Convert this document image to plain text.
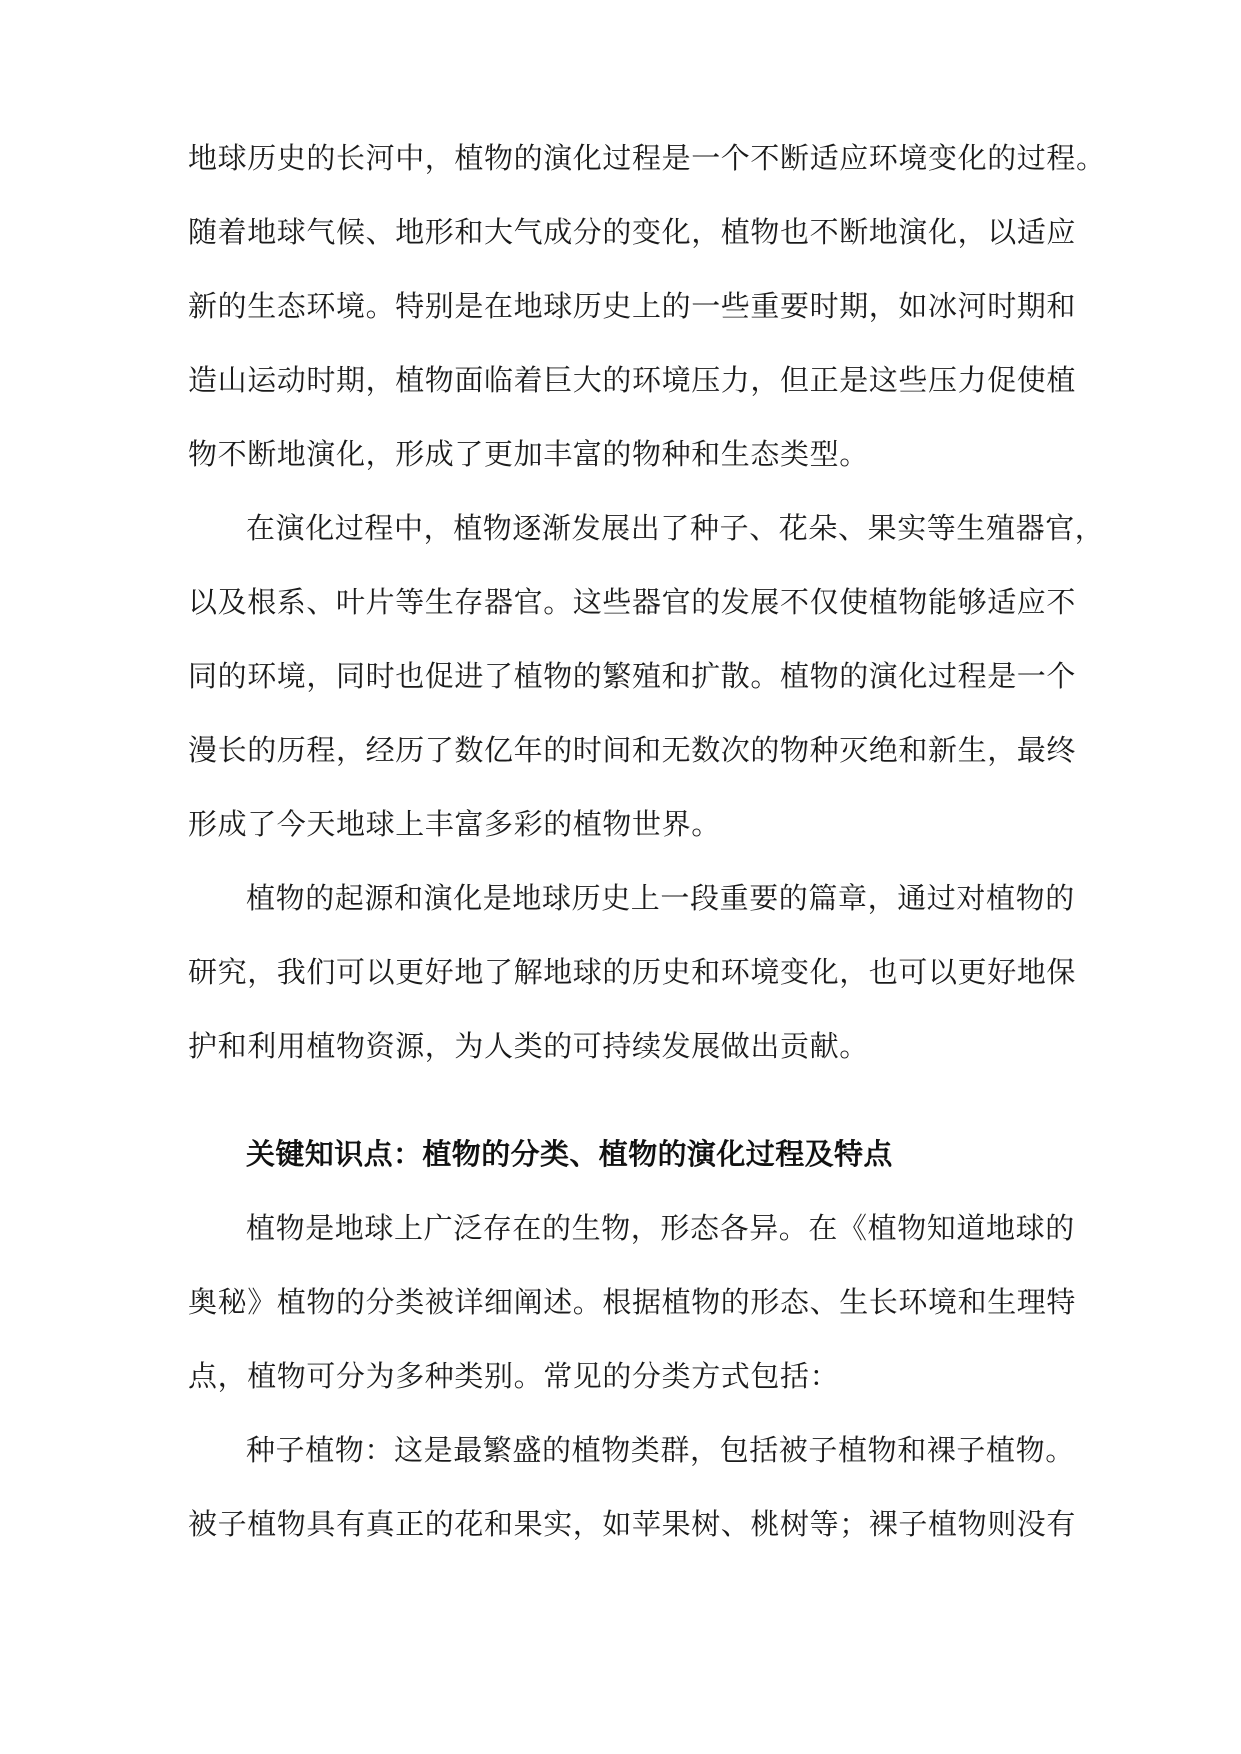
地球历史的长河中，植物的演化过程是一个不断适应环境变化的过程。
随着地球气候、地形和大气成分的变化，植物也不断地演化，以适应
新的生态环境。特别是在地球历史上的一些重要时期，如冰河时期和
造山运动时期，植物面临着巨大的环境压力，但正是这些压力促使植
物不断地演化，形成了更加丰富的物种和生态类型。
在演化过程中，植物逐渐发展出了种子、花朵、果实等生殖器官，
以及根系、叶片等生存器官。这些器官的发展不仅使植物能够适应不
同的环境，同时也促进了植物的繁殖和扩散。植物的演化过程是一个
漫长的历程，经历了数亿年的时间和无数次的物种灭绝和新生，最终
形成了今天地球上丰富多彩的植物世界。
植物的起源和演化是地球历史上一段重要的篇章，通过对植物的
研究，我们可以更好地了解地球的历史和环境变化，也可以更好地保
护和利用植物资源，为人类的可持续发展做出贡献。
关键知识点：植物的分类、植物的演化过程及特点
植物是地球上广泛存在的生物，形态各异。在《植物知道地球的
奥秘》植物的分类被详细阐述。根据植物的形态、生长环境和生理特
点，植物可分为多种类别。常见的分类方式包括：
种子植物：这是最繁盛的植物类群，包括被子植物和裸子植物。
被子植物具有真正的花和果实，如苹果树、桃树等；裸子植物则没有
